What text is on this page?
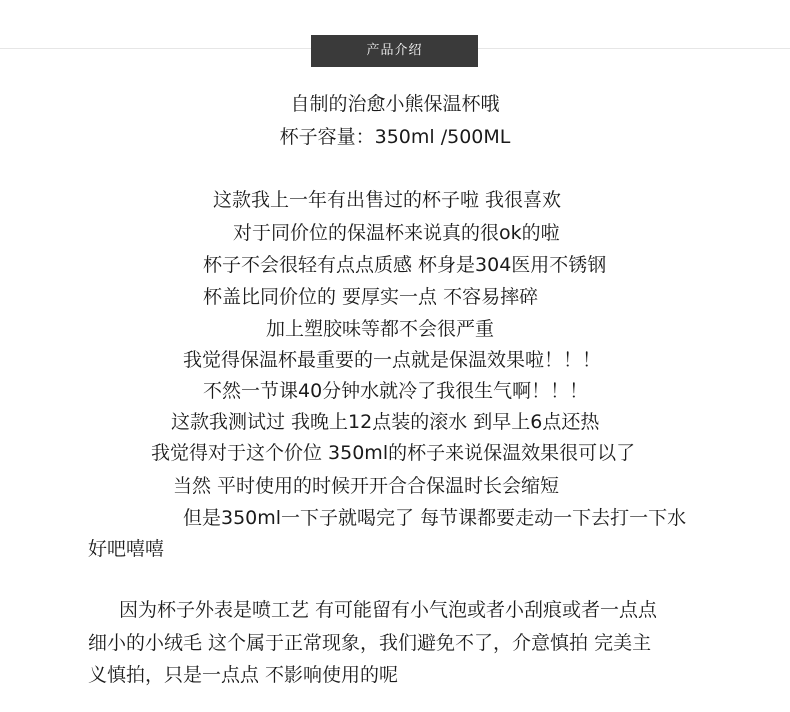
产品介绍
自制的治愈小熊保温杯哦
杯子容量：350ml /500ML
这款我上一年有出售过的杯子啦 我很喜欢
对于同价位的保温杯来说真的很ok的啦
杯子不会很轻有点点质感 杯身是304医用不锈钢
杯盖比同价位的 要厚实一点 不容易摔碎
加上塑胶味等都不会很严重
我觉得保温杯最重要的一点就是保温效果啦！！！
不然一节课40分钟水就冷了我很生气啊！！！
这款我测试过 我晚上12点装的滚水 到早上6点还热
我觉得对于这个价位 350ml的杯子来说保温效果很可以了
当然 平时使用的时候开开合合保温时长会缩短
但是350ml一下子就喝完了 每节课都要走动一下去打一下水
好吧嘻嘻
因为杯子外表是喷工艺 有可能留有小气泡或者小刮痕或者一点点
细小的小绒毛 这个属于正常现象，我们避免不了，介意慎拍 完美主
义慎拍，只是一点点 不影响使用的呢
